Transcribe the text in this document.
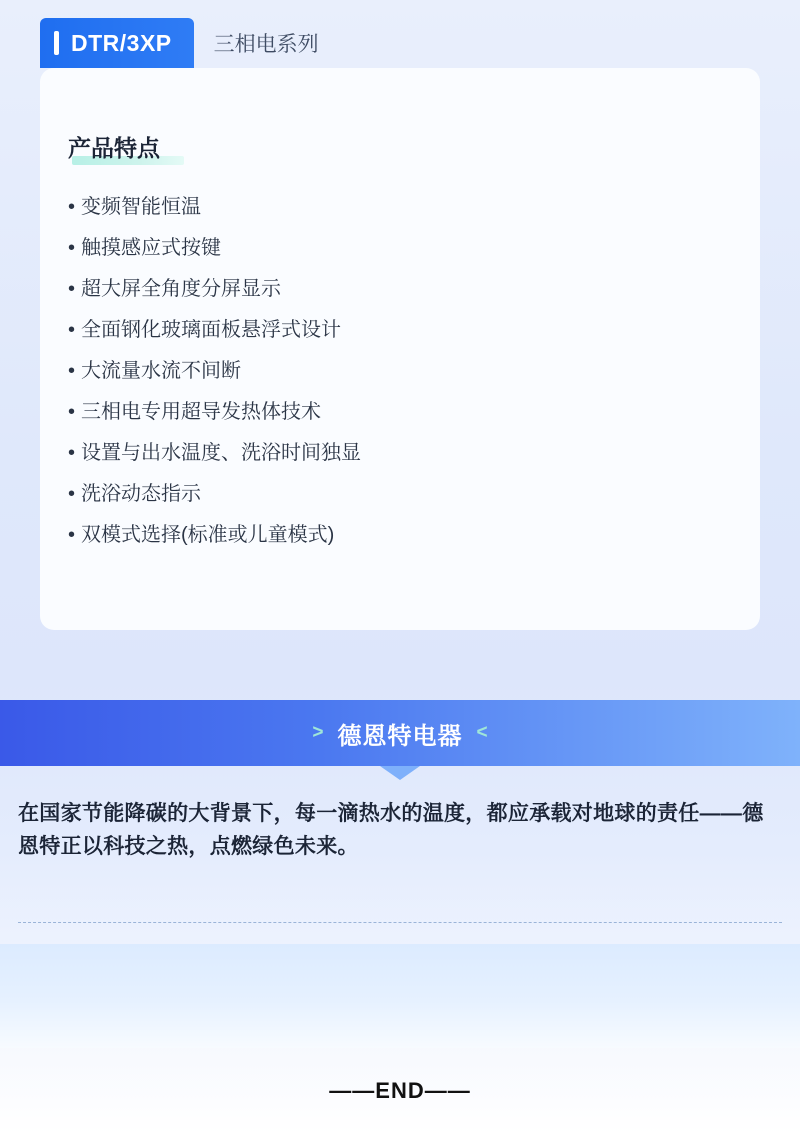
DTR/3XP 三相电系列
产品特点
• 变频智能恒温
• 触摸感应式按键
• 超大屏全角度分屏显示
• 全面钢化玻璃面板悬浮式设计
• 大流量水流不间断
• 三相电专用超导发热体技术
• 设置与出水温度、洗浴时间独显
• 洗浴动态指示
• 双模式选择(标准或儿童模式)
> 德恩特电器 <
在国家节能降碳的大背景下，每一滴热水的温度，都应承载对地球的责任——德恩特正以科技之热，点燃绿色未来。
——END——
